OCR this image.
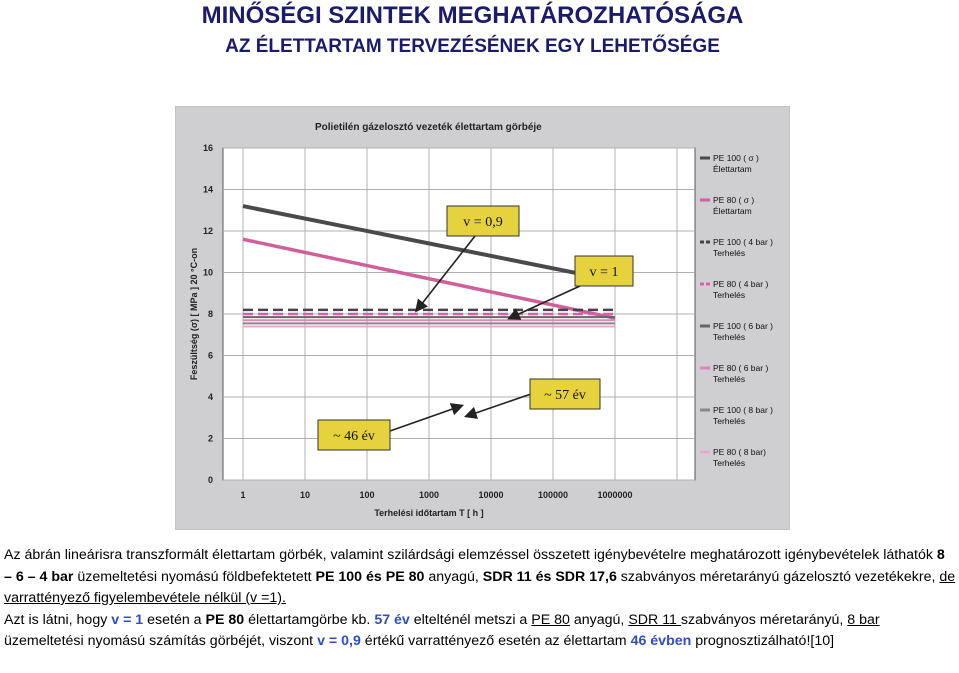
MINŐSÉGI SZINTEK MEGHATÁROZHATÓSÁGA
AZ ÉLETTARTAM TERVEZÉSÉNEK EGY LEHETŐSÉGE
Polietilén gázelosztó vezeték élettartam görbéje
0
2
4
6
8
10
12
14
16
1	10	100	1000	10000	100000	1000000
Terhelési időtartam T [ h ]
Feszültség (σ) [ MPa ] 20 °C-on
PE 100 ( σ )
Élettartam
PE 80 ( σ )
Élettartam
PE 100 ( 4 bar )
Terhelés
PE 80 ( 4 bar )
Terhelés
PE 100 ( 6 bar )
Terhelés
PE 80 ( 6 bar )
Terhelés
PE 100 ( 8 bar )
Terhelés
PE 80 ( 8 bar)
Terhelés
v = 0,9
v = 1
~ 57 év
~ 46 év

Az ábrán lineárisra transzformált élettartam görbék, valamint szilárdsági elemzéssel összetett igénybevételre meghatározott igénybevételek láthatók 8 – 6 – 4 bar üzemeltetési nyomású földbefektetett PE 100 és PE 80 anyagú, SDR 11 és SDR 17,6 szabványos méretarányú gázelosztó vezetékekre, de varrattényező figyelembevétele nélkül (v =1).

Azt is látni, hogy v = 1 esetén a PE 80 élettartamgörbe kb. 57 év eltelténél metszi a PE 80 anyagú, SDR 11 szabványos méretarányú, 8 bar üzemeltetési nyomású számítás görbéjét, viszont v = 0,9 értékű varrattényező esetén az élettartam 46 évben prognosztizálható![10]
